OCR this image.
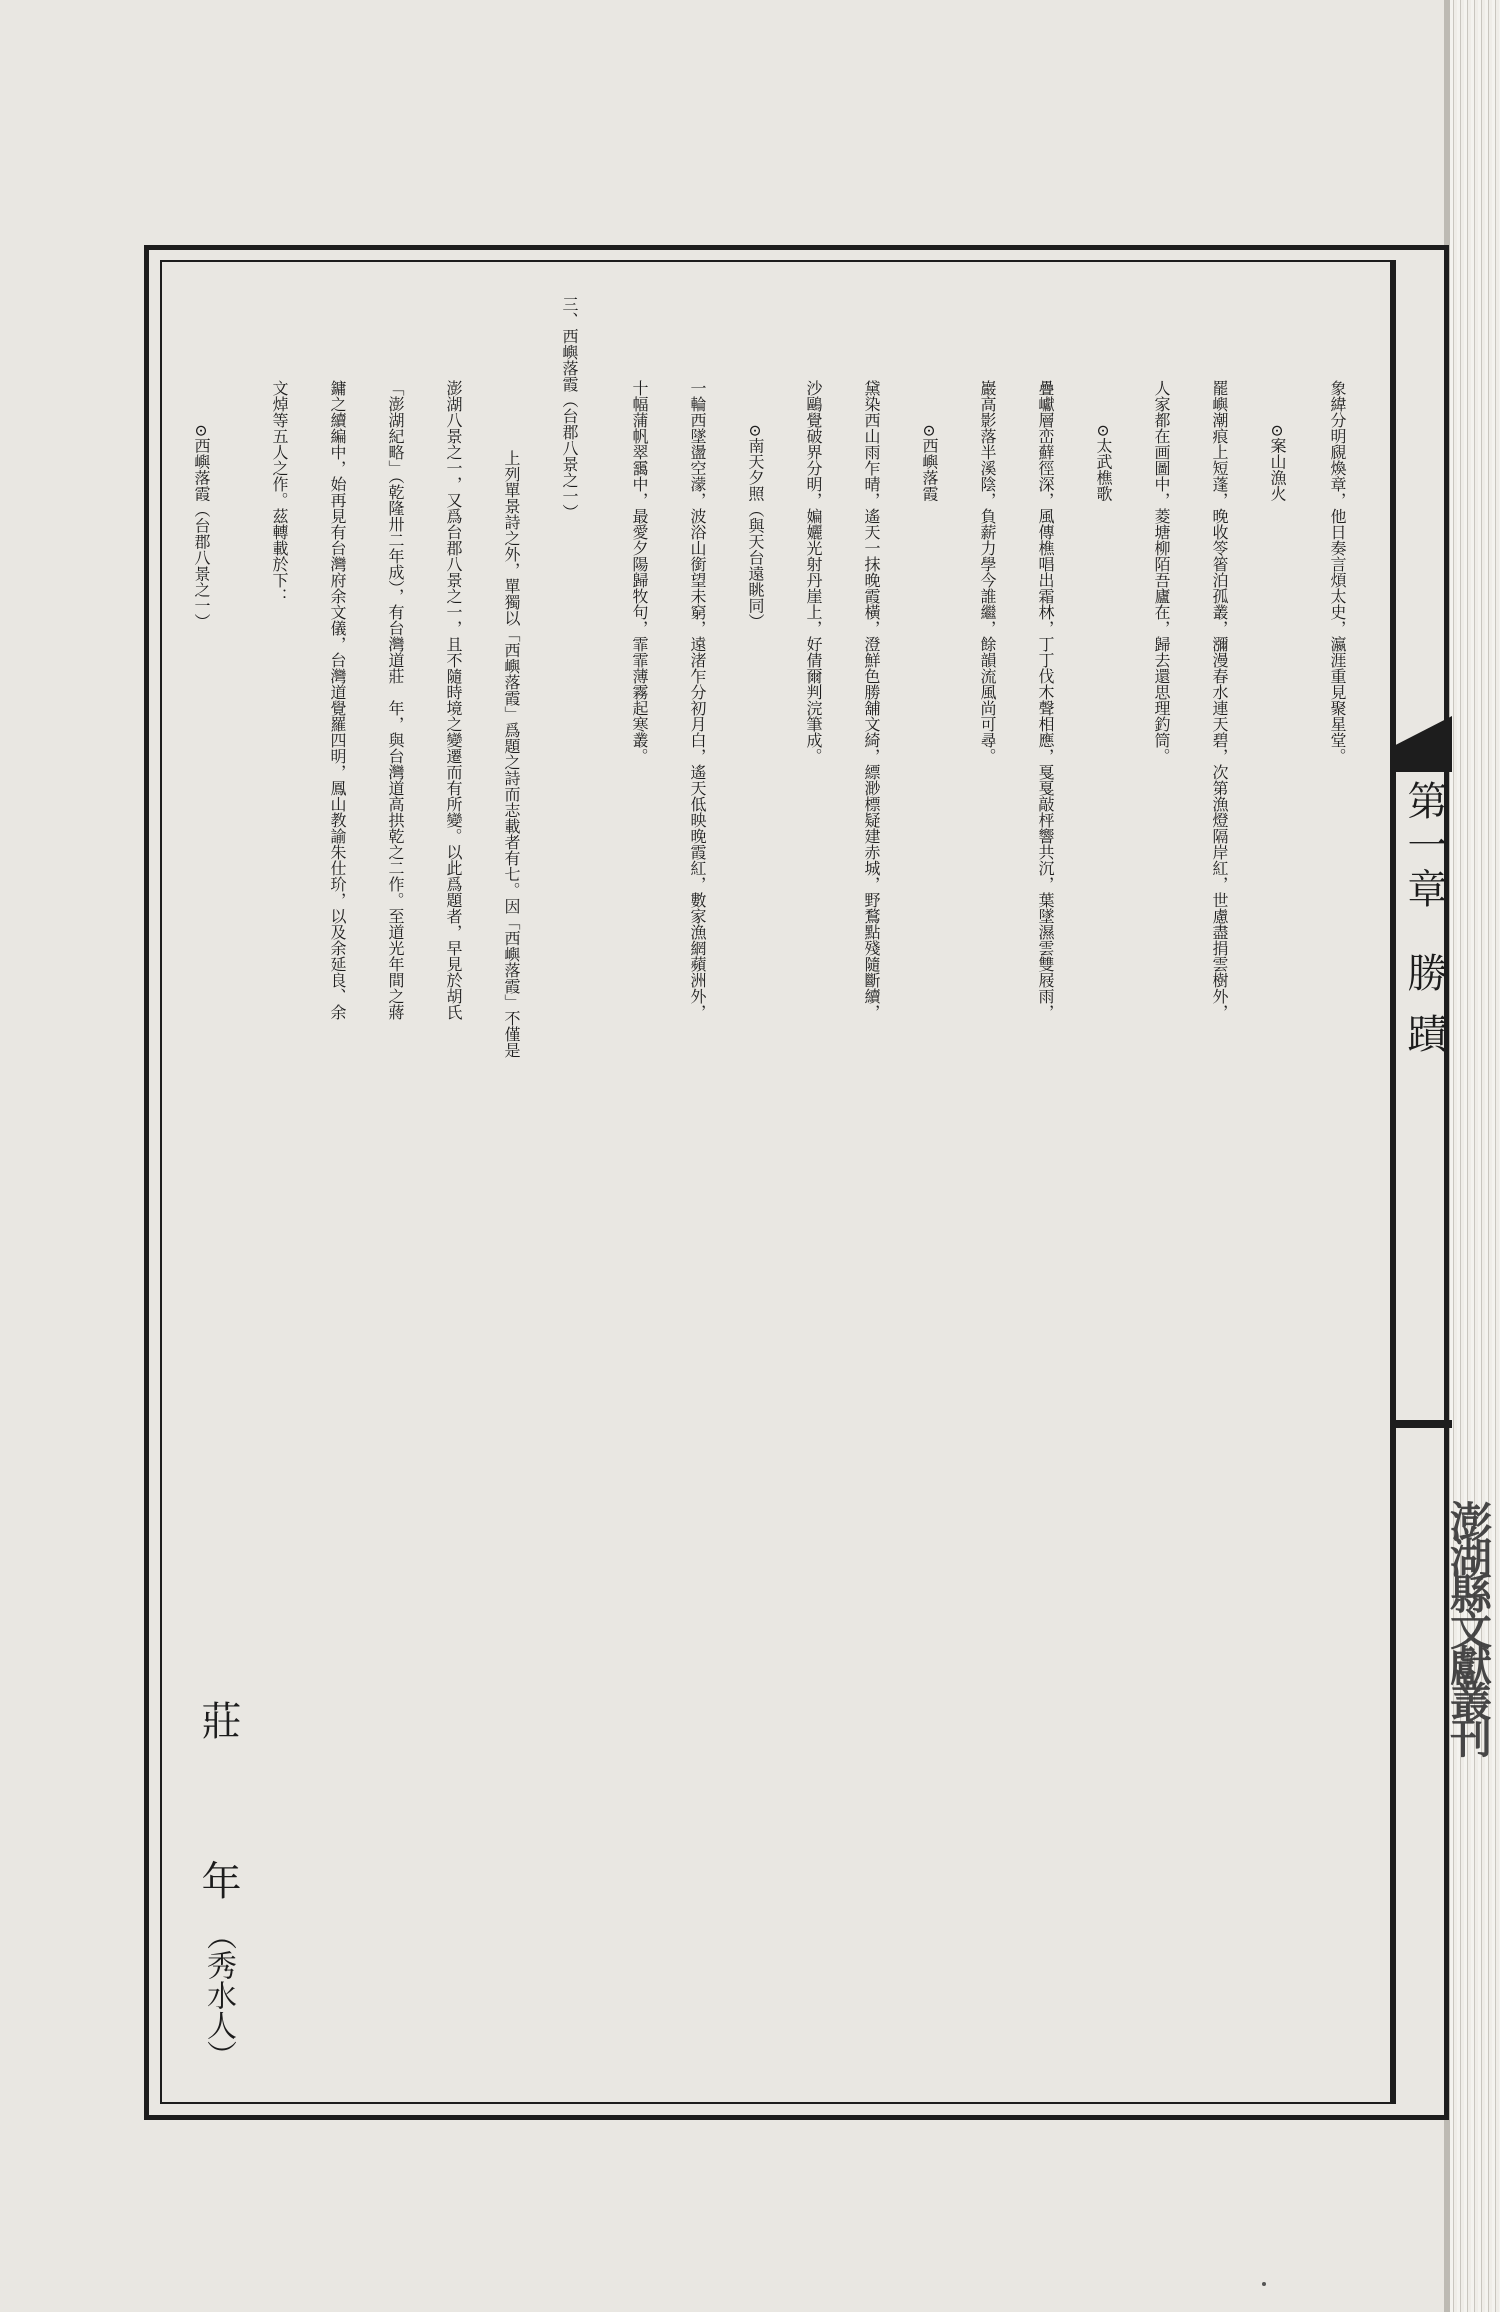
澎湖縣文獻叢刊
第一章勝 蹟
象緯分明覛煥章，他日奏言煩太史，瀛涯重見聚星堂。
⊙案山漁火
罷嶼潮痕上短蓬，晚收笭箵泊孤叢，瀰漫春水連天碧，次第漁燈隔岸紅，世慮盡捐雲樹外，
人家都在画圖中，菱塘柳陌吾廬在，歸去還思理釣筒。
⊙太武樵歌
疊巘層峦蘚徑深，風傳樵唱出霜林，丁丁伐木聲相應，戛戛敲枰響共沉，葉墜濕雲雙屐雨，
巖高影落半溪陰，負薪力學今誰繼，餘韻流風尚可尋。
⊙西嶼落霞
黛染西山雨乍晴，遙天一抹晚霞橫，澄鮮色勝舖文綺，縹渺標疑建赤城，野鶩點殘隨斷續，
沙鷗覺破界分明，媥孋光射丹崖上，好倩爾判浣筆成。
⊙南天夕照（與天台遠眺同）
一輪西墜盪空濛，波浴山銜望未窮，遠渚乍分初月白，遙天低映晚霞紅，數家漁網蘋洲外，
十幅蒲帆翠靄中，最愛夕陽歸牧句，霏霏薄霧起寒叢。
三、西嶼落霞（台郡八景之一）
上列單景詩之外，單獨以「西嶼落霞」爲題之詩而志載者有七。因「西嶼落霞」不僅是
澎湖八景之一，又爲台郡八景之一，且不隨時境之變遷而有所變。以此爲題者，早見於胡氏
「澎湖紀略」（乾隆卅二年成），有台灣道莊　年，與台灣道高拱乾之二作。至道光年間之蔣
鏞之續編中，始再見有台灣府余文儀，台灣道覺羅四明，鳳山教諭朱仕玠，以及余延良、余
文焯等五人之作。茲轉載於下：
⊙西嶼落霞（台郡八景之一）
莊
年
（秀水人）
